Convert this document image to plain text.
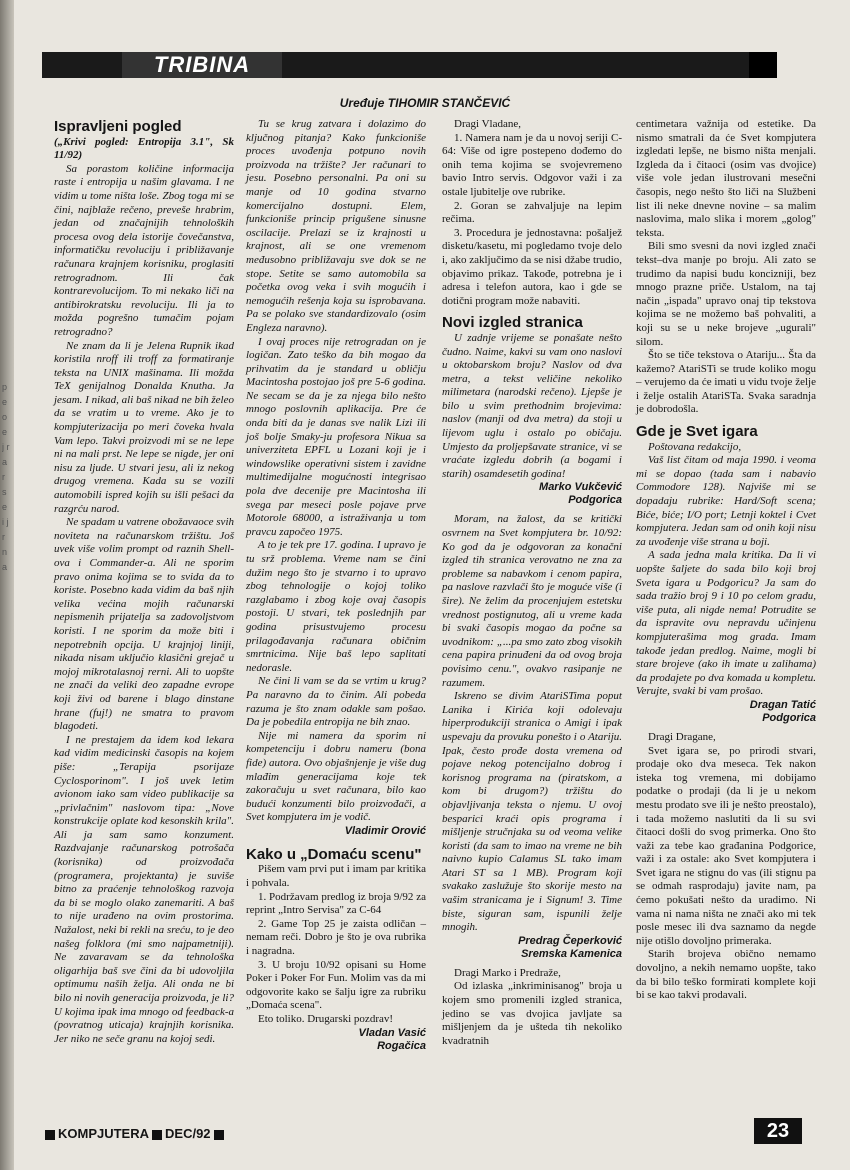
p e o e j r a r s e i j r n a
TRIBINA
Uređuje TIHOMIR STANČEVIĆ
Ispravljeni pogled

(„Krivi pogled: Entropija 3.1", Sk 11/92)

Sa porastom količine informacija raste i entropija u našim glavama. I ne vidim u tome ništa loše. Zbog toga mi se čini, najblaže rečeno, preveše hrabrim, jedan od značajnijih tehnoloških procesa ovog dela istorije čovečanstva, informatičku revoluciju i približavanje računara krajnjem korisniku, proglasiti retrogradnom. Ili čak kontrarevolucijom. To mi nekako liči na antibirokratsku revoluciju. Ili ja to možda pogrešno tumačim pojam retrogradno?

Ne znam da li je Jelena Rupnik ikad koristila nroff ili troff za formatiranje teksta na UNIX mašinama. Ili možda TeX genijalnog Donalda Knutha. Ja jesam. I nikad, ali baš nikad ne bih želeo da se vratim u to vreme. Ako je to kompjuterizacija po meri čoveka hvala Vam lepo. Takvi proizvodi mi se ne lepe ni na mali prst. Ne lepe se nigde, jer oni nisu za ljude. U stvari jesu, ali iz nekog drugog vremena. Kada su se vozili automobili ispred kojih su išli pešaci da razgrću narod.

Ne spadam u vatrene obožavaoce svih noviteta na računarskom tržištu. Još uvek više volim prompt od raznih Shell-ova i Commander-a. Ali ne sporim pravo onima kojima se to svida da to koriste. Posebno kada vidim da baš njih velika većina mojih računarski nepismenih prijatelja sa zadovoljstvom koristi. I ne sporim da može biti i nepotrebnih opcija. U krajnjoj liniji, nikada nisam uključio klasični grejač u mojoj mikrotalasnoj rerni. Ali to uopšte ne znači da veliki deo zapadne evrope koji živi od barene i blago dinstane hrane (fuj!) ne smatra to pravom blagodeti.

I ne prestajem da idem kod lekara kad vidim medicinski časopis na kojem piše: „Terapija psorijaze Cyclosporinom". I još uvek letim avionom iako sam video publikacije sa „privlačnim" naslovom tipa: „Nove konstrukcije oplate kod kesonskih krila". Ali ja sam samo konzument. Razdvajanje računarskog potrošača (korisnika) od proizvođača (programera, projektanta) je suviše bitno za praćenje tehnološkog razvoja da bi se moglo olako zanemariti. A baš to nije urađeno na ovim prostorima. Nažalost, neki bi rekli na sreću, to je deo našeg folklora (mi smo najpametniji). Ne zavaravam se da tehnološka oligarhija baš sve čini da bi udovoljila optimumu naših želja. Ali onda ne bi bilo ni novih generacija proizvoda, je li? U kojima ipak ima mnogo od feedback-a (povratnog uticaja) krajnjih korisnika. Jer niko ne seče granu na kojoj sedi.

Tu se krug zatvara i dolazimo do ključnog pitanja? Kako funkcioniše proces uvođenja potpuno novih proizvoda na tržište? Jer računari to jesu. Posebno personalni. Pa oni su manje od 10 godina stvarno komercijalno dostupni. Elem, funkcioniše princip prigušene sinusne oscilacije. Prelazi se iz krajnosti u krajnost, ali se one vremenom međusobno približavaju sve dok se ne stope. Setite se samo automobila sa početka ovog veka i svih mogućih i nemogućih rešenja koja su isprobavana. Pa se polako sve standardizovalo (osim Engleza naravno).

I ovaj proces nije retrogradan on je logičan. Zato teško da bih mogao da prihvatim da je standard u obličju Macintosha postojao još pre 5-6 godina. Ne secam se da je za njega bilo nešto mnogo poslovnih aplikacija. Pre će onda biti da je danas sve nalik Lizi ili još bolje Smaky-ju profesora Nikua sa univerziteta EPFL u Lozani koji je i windowslike operativni sistem i zavidne multimedijalne mogućnosti integrisao pola dve decenije pre Macintosha ili svega par meseci posle pojave prve Motorole 68000, a istraživanja u tom pravcu započeo 1975.

A to je tek pre 17. godina. I upravo je tu srž problema. Vreme nam se čini dužim nego što je stvarno i to upravo zbog tehnologije o kojoj toliko razglabamo i zbog koje ovaj časopis postoji. U stvari, tek poslednjih par godina prisustvujemo procesu prilagođavanja računara običnim smrtnicima. Nije baš lepo saplitati nedorasle.

Ne čini li vam se da se vrtim u krug? Pa naravno da to činim. Ali pobeda razuma je što znam odakle sam pošao. Da je pobedila entropija ne bih znao.

Nije mi namera da sporim ni kompetenciju i dobru nameru (bona fide) autora. Ovo objašnjenje je više dug mlađim generacijama koje tek zakoračuju u svet računara, bilo kao budući konzumenti bilo proizvođači, a Svet kompjutera im je vodič.

Vladimir Orović
Kako u „Domaću scenu"

Pišem vam prvi put i imam par kritika i pohvala.

1. Podržavam predlog iz broja 9/92 za reprint „Intro Servisa" za C-64

2. Game Top 25 je zaista odličan – nemam reči. Dobro je što je ova rubrika i nagradna.

3. U broju 10/92 opisani su Home Poker i Poker For Fun. Molim vas da mi odgovorite kako se šalju igre za rubriku „Domaća scena".

Eto toliko. Drugarski pozdrav!

Vladan Vasić
Rogačica

Dragi Vladane,

1. Namera nam je da u novoj seriji C-64: Više od igre postepeno dođemo do onih tema kojima se svojevremeno bavio Intro servis. Odgovor važi i za ostale ljubitelje ove rubrike.

2. Goran se zahvaljuje na lepim rečima.

3. Procedura je jednostavna: pošaljež disketu/kasetu, mi pogledamo tvoje delo i, ako zaključimo da se nisi džabe trudio, objavimo prikaz. Takođe, potrebna je i adresa i telefon autora, kao i gde se dotični program može nabaviti.

Novi izgled stranica

U zadnje vrijeme se ponašate nešto čudno. Naime, kakvi su vam ono naslovi u oktobarskom broju? Naslov od dva metra, a tekst veličine nekoliko milimetara (narodski rečeno). Ljepše je bilo u svim prethodnim brojevima: naslov (manji od dva metra) da stoji u lijevom uglu i ostalo po običaju. Umjesto da proljepšavate stranice, vi se vraćate izgledu dobrih (a bogami i starih) osamdesetih godina!

Marko Vukčević
Podgorica

Moram, na žalost, da se kritički osvrnem na Svet kompjutera br. 10/92: Ko god da je odgovoran za konačni izgled tih stranica verovatno ne zna za probleme sa nabavkom i cenom papira, pa naslove razvlači što je moguće više (i šire). Ne želim da procenjujem estetsku vrednost postignutog, ali u vreme kada bi svaki časopis mogao da počne sa uvodnikom: „...pa smo zato zbog visokih cena papira prinuđeni da od ovog broja povisimo cenu.", ovakvo rasipanje ne razumem.

Iskreno se divim AtariSTima poput Lanika i Kirića koji odolevaju hiperprodukciji stranica o Amigi i ipak uspevaju da provuku ponešto i o Atariju. Ipak, često prođe dosta vremena od pojave nekog potencijalno dobrog i korisnog programa na (piratskom, a kom bi drugom?) tržištu do objavljivanja teksta o njemu. U ovoj besparici kraći opis programa i mišljenje stručnjaka su od veoma velike koristi (da sam to imao na vreme ne bih naivno kupio Calamus SL tako imam Atari ST sa 1 MB). Program koji svakako zaslužuje što skorije mesto na vašim stranicama je i Signum! 3. Time biste, siguran sam, ispunili želje mnogih.

Predrag Čeperković
Sremska Kamenica

Dragi Marko i Predraže,

Od izlaska „inkriminisanog" broja u kojem smo promenili izgled stranica, jedino se vas dvojica javljate sa mišljenjem da je ušteda tih nekoliko kvadratnih

centimetara važnija od estetike. Da nismo smatrali da će Svet kompjutera izgledati lepše, ne bismo ništa menjali. Izgleda da i čitaoci (osim vas dvojice) više vole jedan ilustrovani mesečni časopis, nego nešto što liči na Službeni list ili neke dnevne novine – sa malim naslovima, malo slika i morem „golog" teksta.

Bili smo svesni da novi izgled znači tekst–dva manje po broju. Ali zato se trudimo da napisi budu koncizniji, bez mnogo prazne priče. Ustalom, na taj način „ispada" upravo onaj tip tekstova kojima se ne možemo baš pohvaliti, a koji su se u neke brojeve „ugurali" silom.

Što se tiče tekstova o Atariju... Šta da kažemo? AtariSTi se trude koliko mogu – verujemo da će imati u vidu tvoje želje i želje ostalih AtariSTa. Svaka saradnja je dobrodošla.

Gde je Svet igara

Poštovana redakcijo,

Vaš list čitam od maja 1990. i veoma mi se dopao (tada sam i nabavio Commodore 128). Najviše mi se dopadaju rubrike: Hard/Soft scena; Biće, biće; I/O port; Letnji koktel i Cvet kompjutera. Jedan sam od onih koji nisu za uvođenje više strana u boji.

A sada jedna mala kritika. Da li vi uopšte šaljete do sada bilo koji broj Sveta igara u Podgoricu? Ja sam do sada tražio broj 9 i 10 po celom gradu, više puta, ali nigde nema! Potrudite se da ispravite ovu nepravdu učinjenu kompjuterašima mog grada. Imam takođe jedan predlog. Naime, mogli bi stare brojeve (ako ih imate u zalihama) da prodajete po dva komada u kompletu. Verujte, svaki bi vam prošao.

Dragan Tatić
Podgorica

Dragi Dragane,

Svet igara se, po prirodi stvari, prodaje oko dva meseca. Tek nakon isteka tog vremena, mi dobijamo podatke o prodaji (da li je u nekom mestu prodato sve ili je nešto preostalo), i tada možemo naslutiti da li su svi čitaoci došli do svog primerka. Ono što važi za tebe kao građanina Podgorice, važi i za ostale: ako Svet kompjutera i Svet igara ne stignu do vas (ili stignu pa se odmah rasprodaju) javite nam, pa ćemo pokušati nešto da uradimo. Ni vama ni nama ništa ne znači ako mi tek posle mesec ili dva saznamo da negde nije otišlo dovoljno primeraka.

Starih brojeva obično nemamo dovoljno, a nekih nemamo uopšte, tako da bi bilo teško formirati komplete koji bi se kao takvi prodavali.

KOMPJUTERA DEC/92	23
